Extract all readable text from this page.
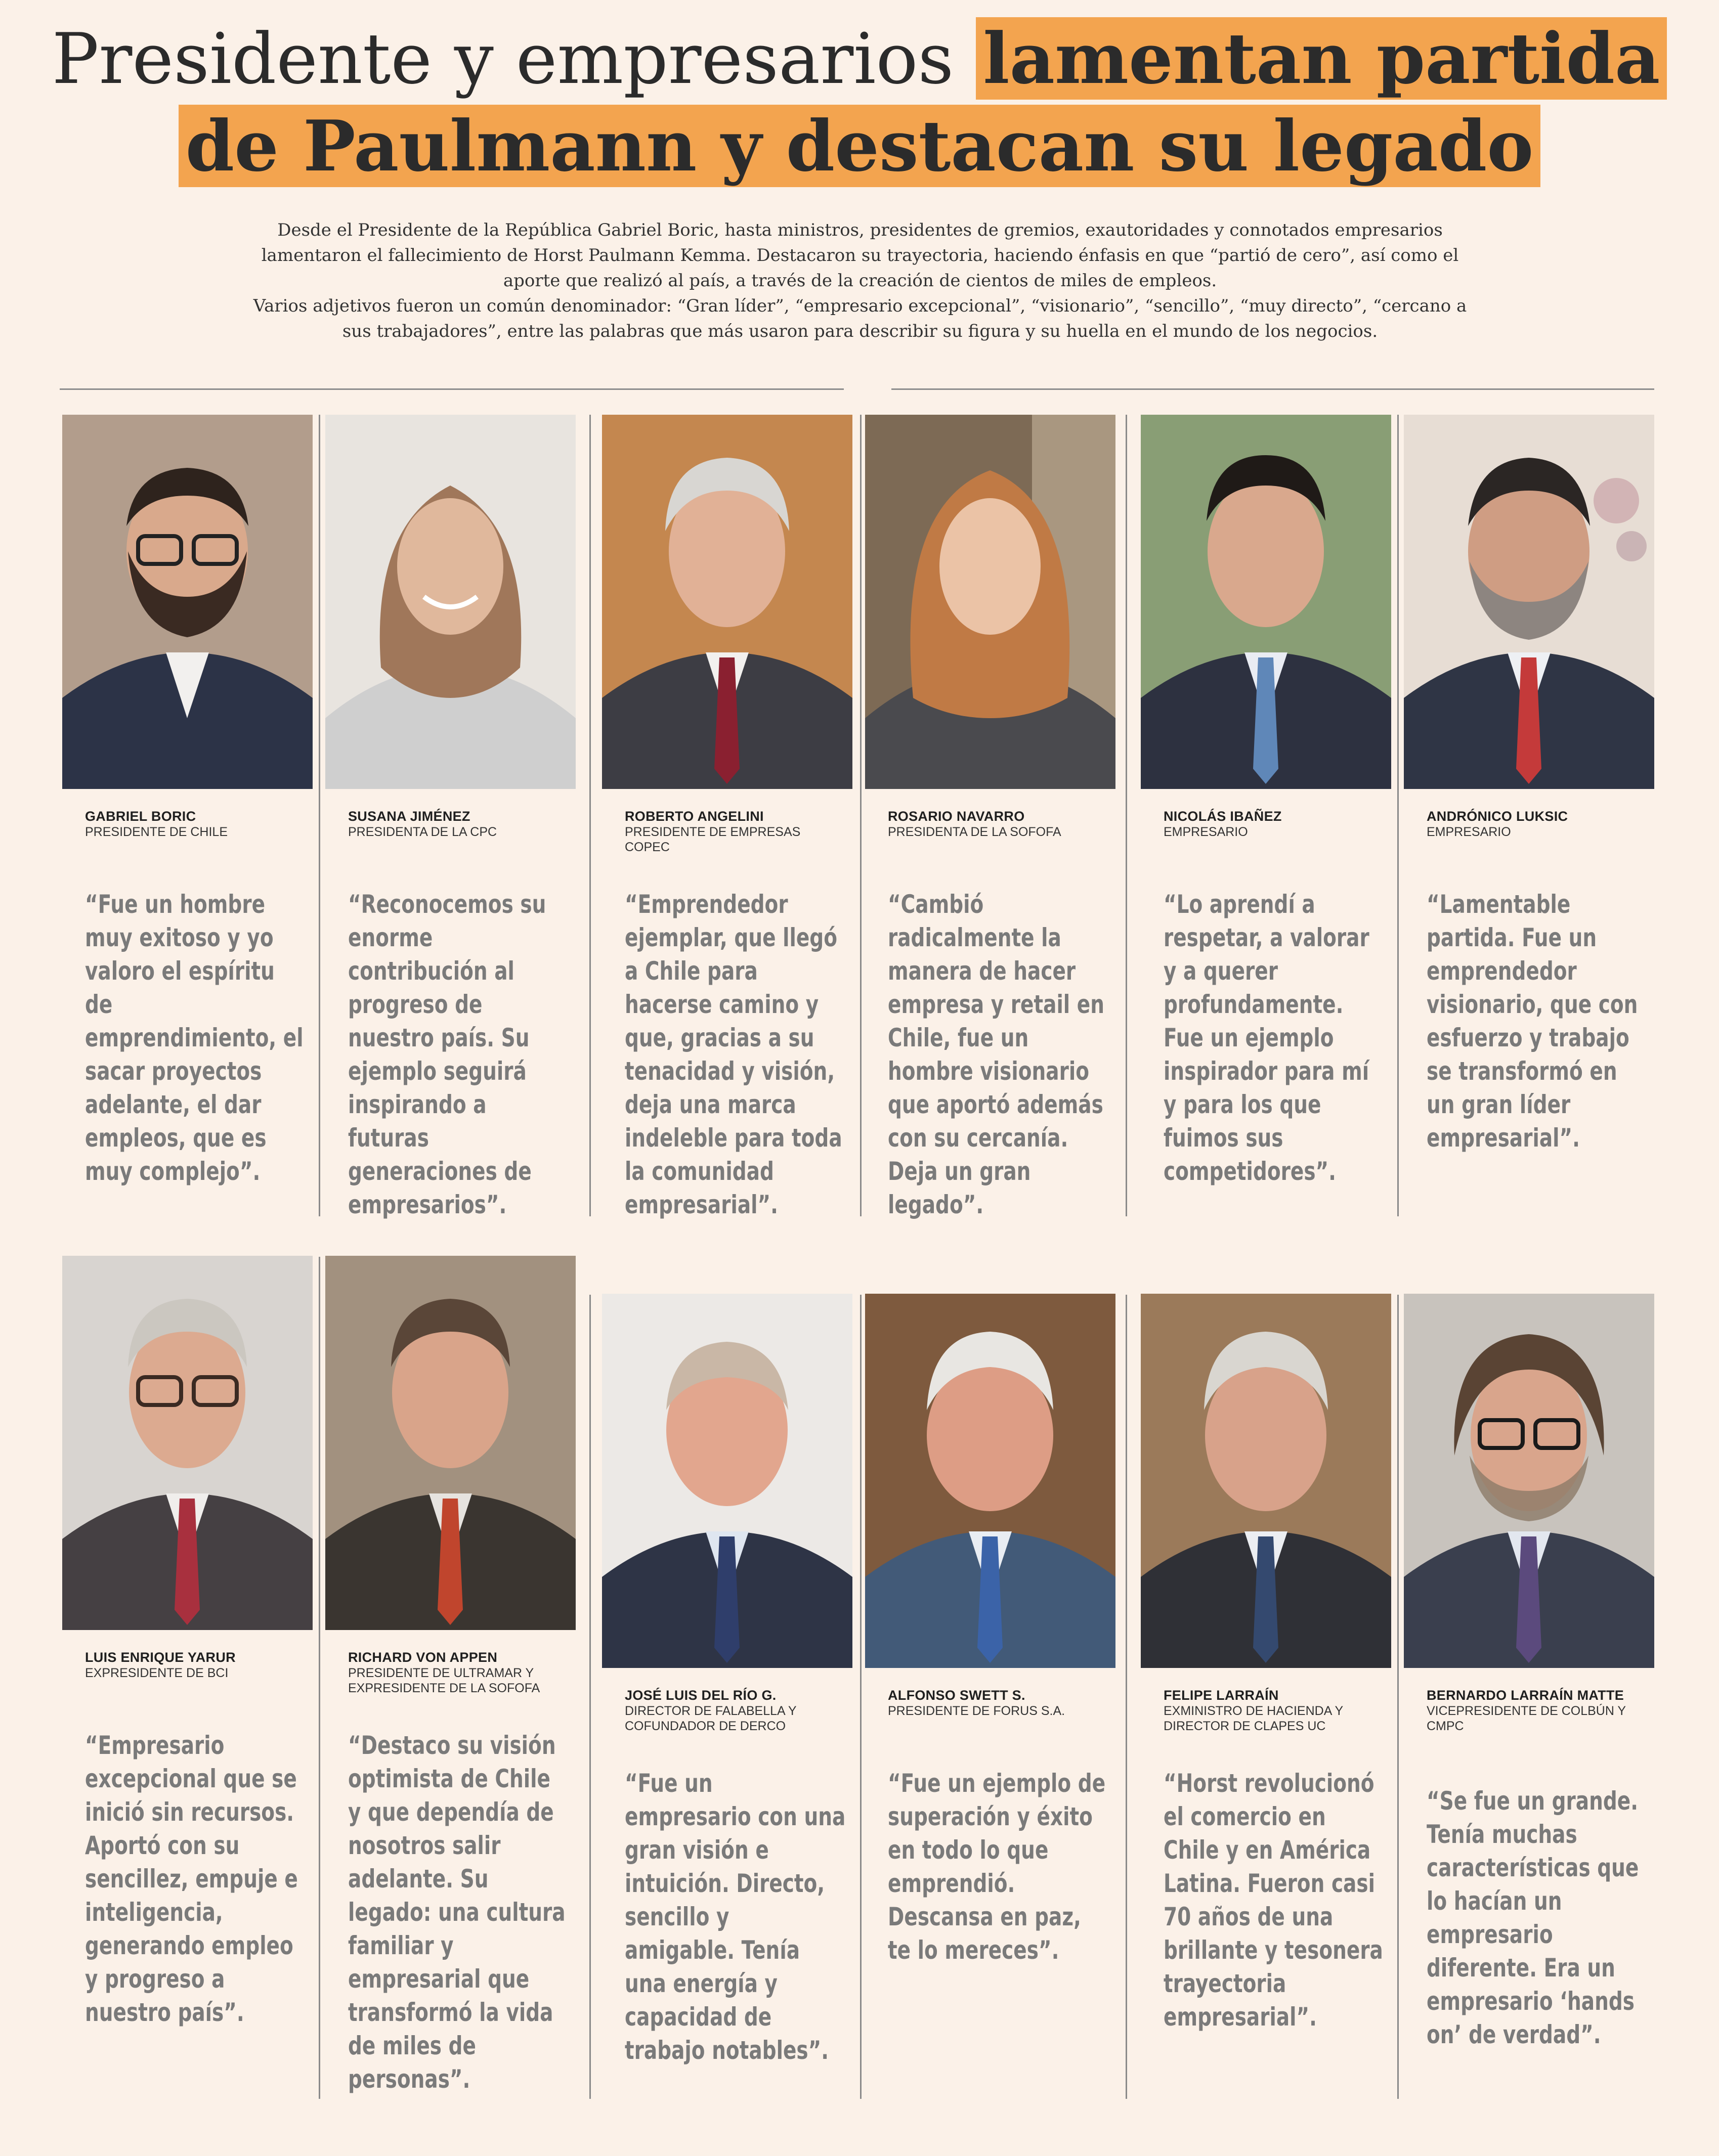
Presidente y empresarios lamentan partida
de Paulmann y destacan su legado

Desde el Presidente de la República Gabriel Boric, hasta ministros, presidentes de gremios, exautoridades y connotados empresarios lamentaron el fallecimiento de Horst Paulmann Kemma. Destacaron su trayectoria, haciendo énfasis en que “partió de cero”, así como el aporte que realizó al país, a través de la creación de cientos de miles de empleos.

Varios adjetivos fueron un común denominador: “Gran líder”, “empresario excepcional”, “visionario”, “sencillo”, “muy directo”, “cercano a sus trabajadores”, entre las palabras que más usaron para describir su figura y su huella en el mundo de los negocios.

GABRIEL BORIC
PRESIDENTE DE CHILE
“Fue un hombre muy exitoso y yo valoro el espíritu de emprendimiento, el sacar proyectos adelante, el dar empleos, que es muy complejo”.
SUSANA JIMÉNEZ
PRESIDENTA DE LA CPC
“Reconocemos su enorme contribución al progreso de nuestro país. Su ejemplo seguirá inspirando a futuras generaciones de empresarios”.
ROBERTO ANGELINI
PRESIDENTE DE EMPRESAS COPEC
“Emprendedor ejemplar, que llegó a Chile para hacerse camino y que, gracias a su tenacidad y visión, deja una marca indeleble para toda la comunidad empresarial”.
ROSARIO NAVARRO
PRESIDENTA DE LA SOFOFA
“Cambió radicalmente la manera de hacer empresa y retail en Chile, fue un hombre visionario que aportó además con su cercanía. Deja un gran legado”.
NICOLÁS IBAÑEZ
EMPRESARIO
“Lo aprendí a respetar, a valorar y a querer profundamente. Fue un ejemplo inspirador para mí y para los que fuimos sus competidores”.
ANDRÓNICO LUKSIC
EMPRESARIO
“Lamentable partida. Fue un emprendedor visionario, que con esfuerzo y trabajo se transformó en un gran líder empresarial”.
LUIS ENRIQUE YARUR
EXPRESIDENTE DE BCI
“Empresario excepcional que se inició sin recursos. Aportó con su sencillez, empuje e inteligencia, generando empleo y progreso a nuestro país”.
RICHARD VON APPEN
PRESIDENTE DE ULTRAMAR Y EXPRESIDENTE DE LA SOFOFA
“Destaco su visión optimista de Chile y que dependía de nosotros salir adelante. Su legado: una cultura familiar y empresarial que transformó la vida de miles de personas”.
JOSÉ LUIS DEL RÍO G.
DIRECTOR DE FALABELLA Y COFUNDADOR DE DERCO
“Fue un empresario con una gran visión e intuición. Directo, sencillo y amigable. Tenía una energía y capacidad de trabajo notables”.
ALFONSO SWETT S.
PRESIDENTE DE FORUS S.A.
“Fue un ejemplo de superación y éxito en todo lo que emprendió. Descansa en paz, te lo mereces”.
FELIPE LARRAÍN
EXMINISTRO DE HACIENDA Y DIRECTOR DE CLAPES UC
“Horst revolucionó el comercio en Chile y en América Latina. Fueron casi 70 años de una brillante y tesonera trayectoria empresarial”.
BERNARDO LARRAÍN MATTE
VICEPRESIDENTE DE COLBÚN Y CMPC
“Se fue un grande. Tenía muchas características que lo hacían un empresario diferente. Era un empresario ‘hands on’ de verdad”.
